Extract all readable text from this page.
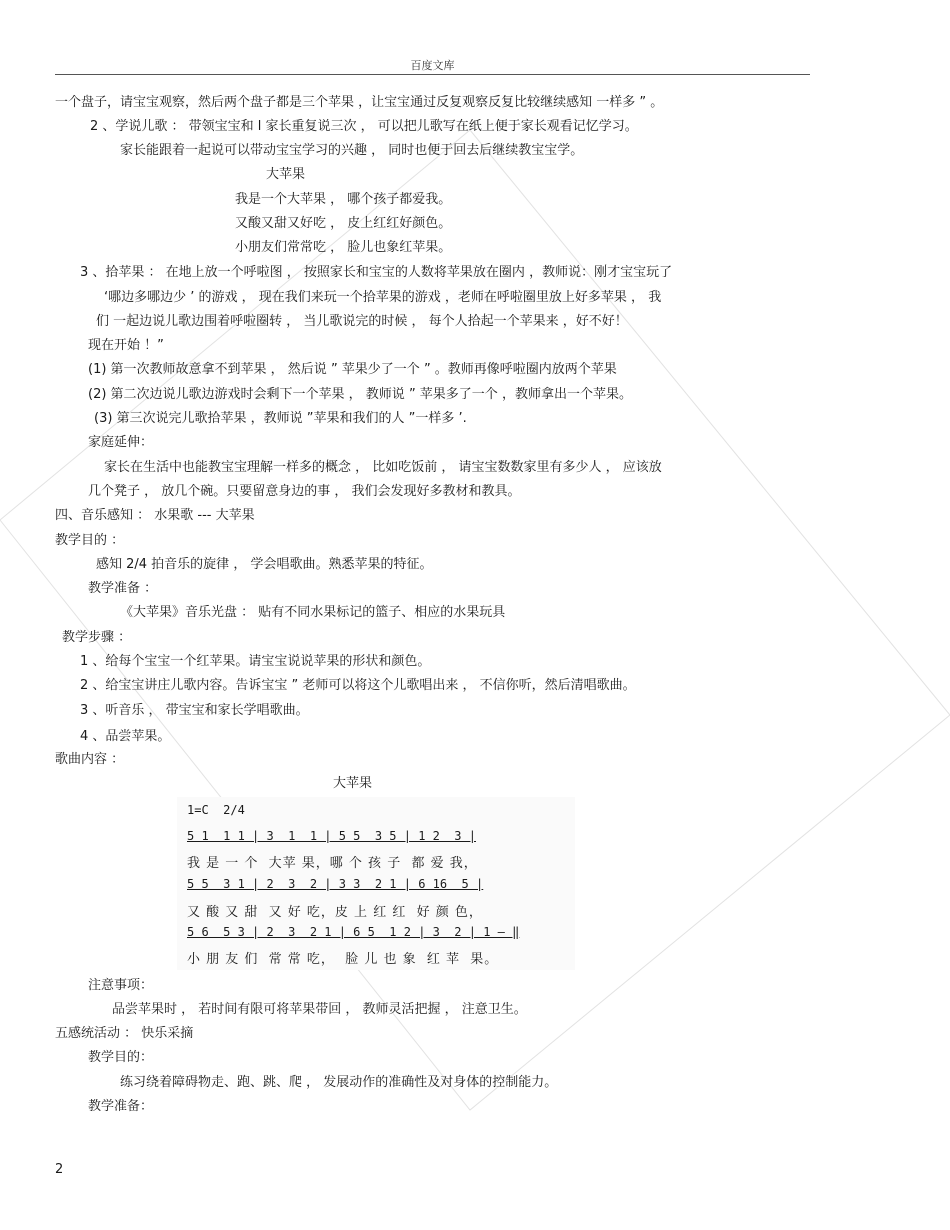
百度文库
一个盘子，请宝宝观察，然后两个盘子都是三个苹果 ，让宝宝通过反复观察反复比较继续感知 一样多 ” 。
2 、学说儿歌 ： 带领宝宝和 l 家长重复说三次 ， 可以把儿歌写在纸上便于家长观看记忆学习。
家长能跟着一起说可以带动宝宝学习的兴趣 ， 同时也便于回去后继续教宝宝学。
大苹果
我是一个大苹果 ， 哪个孩子都爱我。
又酸又甜又好吃 ， 皮上红红好颜色。
小朋友们常常吃 ， 脸儿也象红苹果。
3 、拾苹果 ： 在地上放一个呼啦图 ， 按照家长和宝宝的人数将苹果放在圈内 ，教师说：刚才宝宝玩了
‘哪边多哪边少 ’ 的游戏 ， 现在我们来玩一个拾苹果的游戏 ，老师在呼啦圈里放上好多苹果 ， 我
们 一起边说儿歌边围着呼啦圈转 ， 当儿歌说完的时候 ， 每个人拾起一个苹果来 ，好不好！
现在开始 ！”
(1) 第一次教师故意拿不到苹果 ， 然后说 ” 苹果少了一个 ” 。教师再像呼啦圈内放两个苹果
(2) 第二次边说儿歌边游戏时会剩下一个苹果 ， 教师说 ” 苹果多了一个 ，教师拿出一个苹果。
(3) 第三次说完儿歌拾苹果 ，教师说 ”苹果和我们的人 ”一样多 ’.
家庭延伸：
家长在生活中也能教宝宝理解一样多的概念 ， 比如吃饭前 ， 请宝宝数数家里有多少人 ， 应该放
几个凳子 ， 放几个碗。只要留意身边的事 ， 我们会发现好多教材和教具。
四、音乐感知 ： 水果歌 --- 大苹果
教学目的 ：
感知 2/4 拍音乐的旋律 ， 学会唱歌曲。熟悉苹果的特征。
教学准备 ：
《大苹果》音乐光盘 ： 贴有不同水果标记的篮子、相应的水果玩具
教学步骤 ：
1 、给每个宝宝一个红苹果。请宝宝说说苹果的形状和颜色。
2 、给宝宝讲庄儿歌内容。告诉宝宝 ” 老师可以将这个儿歌唱出来 ， 不信你听，然后清唱歌曲。
3 、听音乐 ， 带宝宝和家长学唱歌曲。
4 、品尝苹果。
歌曲内容 ：
大苹果
1=C  2/4
5 1  1 1 | 3  1  1 | 5 5  3 5 | 1 2  3 |
我 是 一 个  大苹 果，哪 个 孩 子  都 爱 我，
5 5  3 1 | 2  3  2 | 3 3  2 1 | 6 16  5 |
又 酸 又 甜  又 好 吃，皮 上 红 红  好 颜 色，
5 6  5 3 | 2  3  2 1 | 6 5  1 2 | 3  2 | 1 — ‖
小 朋 友 们  常 常 吃，  脸 儿 也 象  红 苹  果。
注意事项：
品尝苹果时 ， 若时间有限可将苹果带回 ， 教师灵活把握 ， 注意卫生。
五感统活动 ： 快乐采摘
教学目的：
练习绕着障碍物走、跑、跳、爬 ， 发展动作的准确性及对身体的控制能力。
教学准备：
2
